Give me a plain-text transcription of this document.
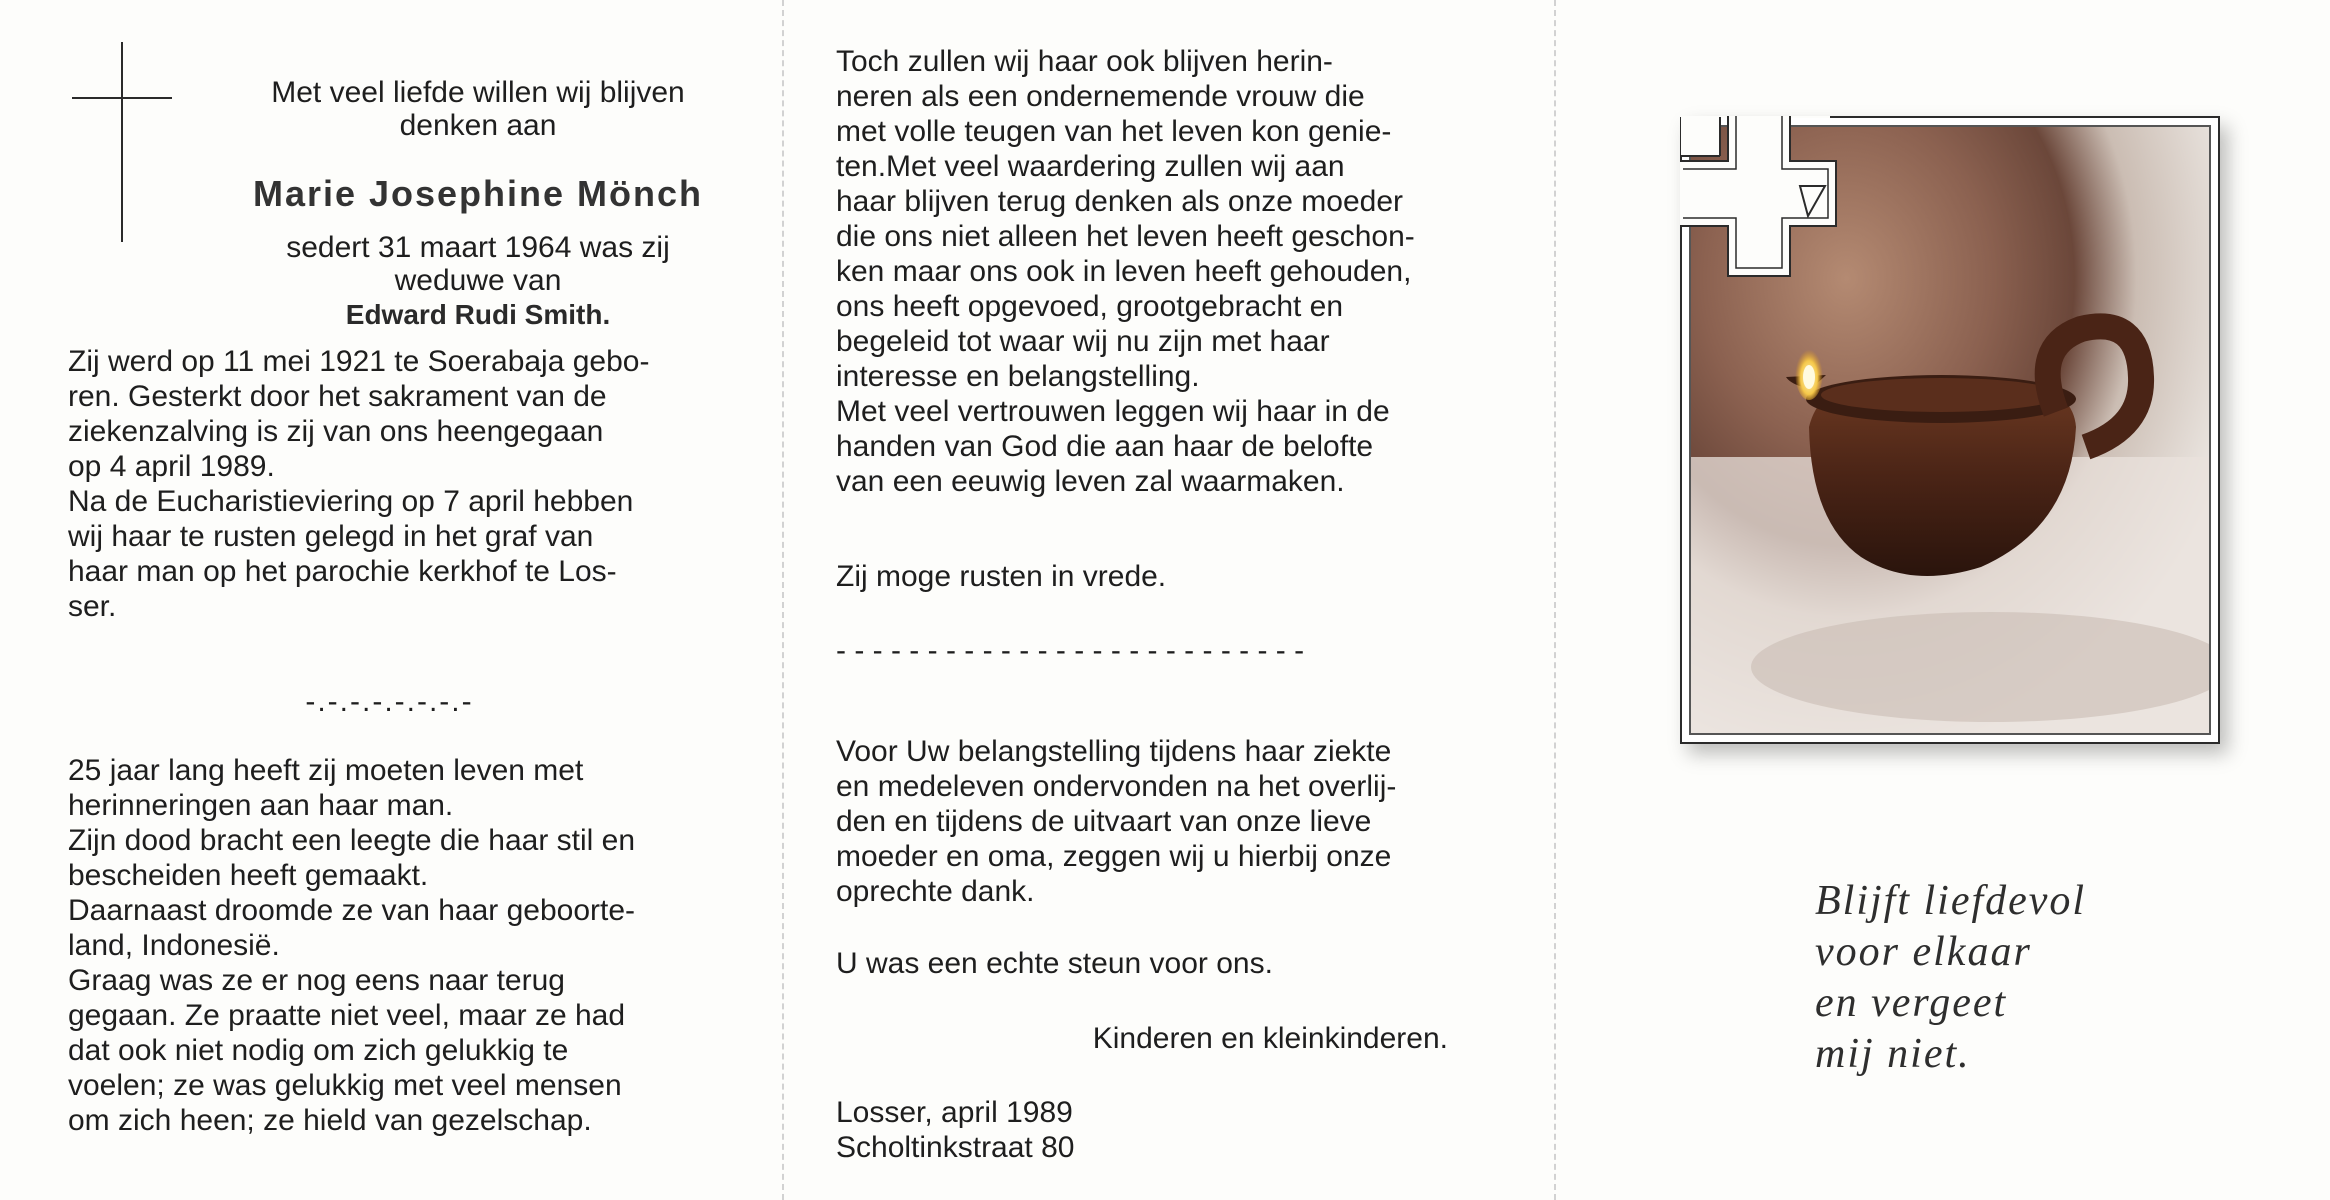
Met veel liefde willen wij blijven
denken aan
Marie Josephine Mönch
sedert 31 maart 1964 was zij
weduwe van
Edward Rudi Smith.
Zij werd op 11 mei 1921 te Soerabaja gebo-
ren. Gesterkt door het sakrament van de
ziekenzalving is zij van ons heengegaan
op 4 april 1989.
Na de Eucharistieviering op 7 april hebben
wij haar te rusten gelegd in het graf van
haar man op het parochie kerkhof te Los-
ser.
-.-.-.-.-.-.-.-
25 jaar lang heeft zij moeten leven met
herinneringen aan haar man.
Zijn dood bracht een leegte die haar stil en
bescheiden heeft gemaakt.
Daarnaast droomde ze van haar geboorte-
land, Indonesië.
Graag was ze er nog eens naar terug
gegaan. Ze praatte niet veel, maar ze had
dat ook niet nodig om zich gelukkig te
voelen; ze was gelukkig met veel mensen
om zich heen; ze hield van gezelschap.
Toch zullen wij haar ook blijven herin-
neren als een ondernemende vrouw die
met volle teugen van het leven kon genie-
ten.Met veel waardering zullen wij aan
haar blijven terug denken als onze moeder
die ons niet alleen het leven heeft geschon-
ken maar ons ook in leven heeft gehouden,
ons heeft opgevoed, grootgebracht en
begeleid tot waar wij nu zijn met haar
interesse en belangstelling.
Met veel vertrouwen leggen wij haar in de
handen van God die aan haar de belofte
van een eeuwig leven zal waarmaken.
Zij moge rusten in vrede.
- - - - - - - - - - - - - - - - - - - - - - - - - -
Voor Uw belangstelling tijdens haar ziekte
en medeleven ondervonden na het overlij-
den en tijdens de uitvaart van onze lieve
moeder en oma, zeggen wij u hierbij onze
oprechte dank.
U was een echte steun voor ons.
Kinderen en kleinkinderen.
Losser, april 1989
Scholtinkstraat 80
Blijft liefdevol
voor elkaar
en vergeet
mij niet.
